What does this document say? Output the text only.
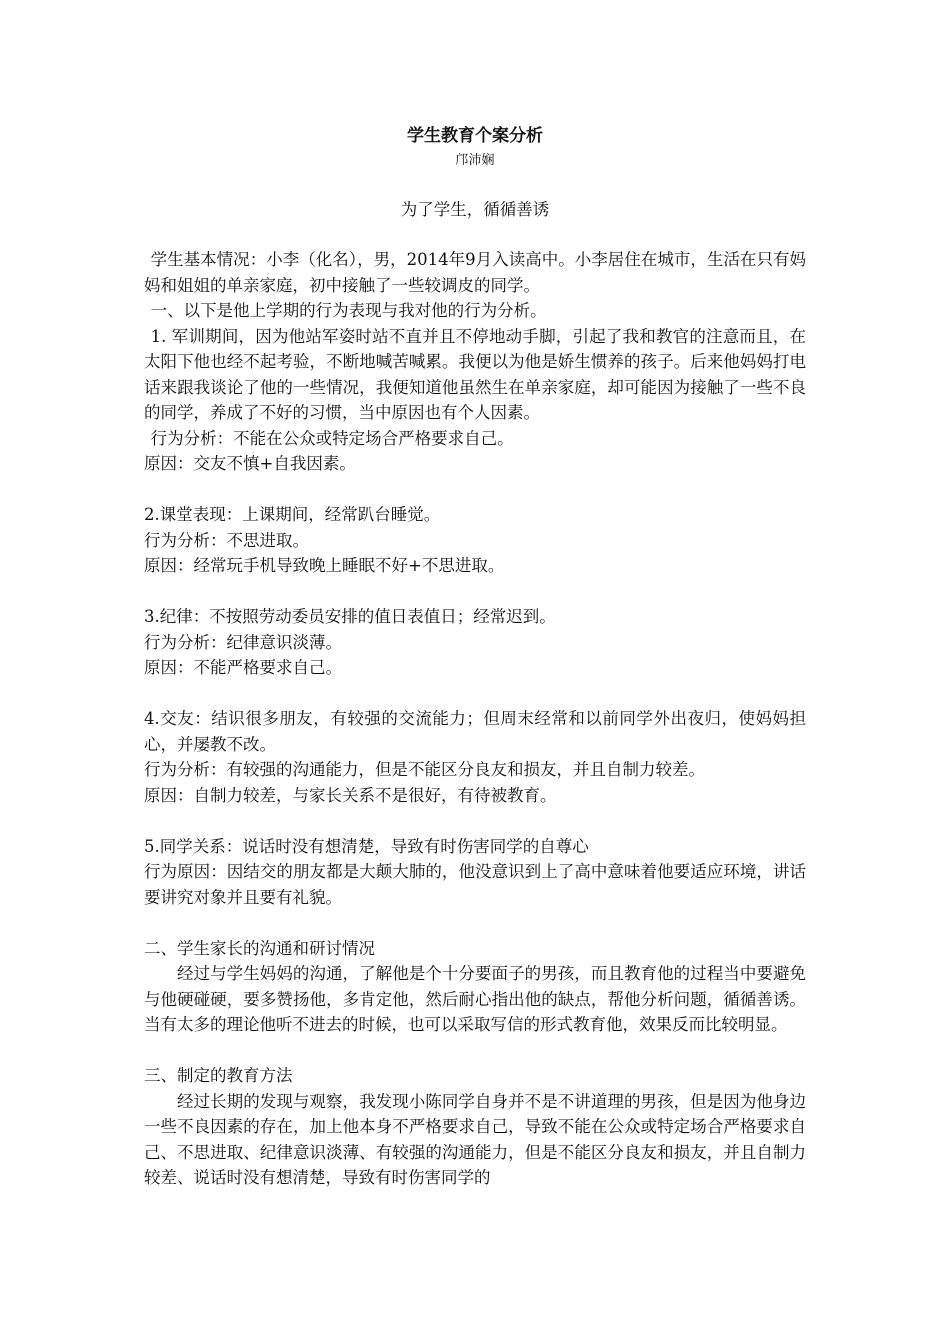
学生教育个案分析
邝沛娴
为了学生，循循善诱

学生基本情况：小李（化名），男，2014年9月入读高中。小李居住在城市，生活在只有妈妈和姐姐的单亲家庭，初中接触了一些较调皮的同学。

一、以下是他上学期的行为表现与我对他的行为分析。

1. 军训期间，因为他站军姿时站不直并且不停地动手脚，引起了我和教官的注意而且，在太阳下他也经不起考验，不断地喊苦喊累。我便以为他是娇生惯养的孩子。后来他妈妈打电话来跟我谈论了他的一些情况，我便知道他虽然生在单亲家庭，却可能因为接触了一些不良的同学，养成了不好的习惯，当中原因也有个人因素。

行为分析：不能在公众或特定场合严格要求自己。

原因：交友不慎+自我因素。

2.课堂表现：上课期间，经常趴台睡觉。

行为分析：不思进取。

原因：经常玩手机导致晚上睡眠不好+不思进取。

3.纪律：不按照劳动委员安排的值日表值日；经常迟到。

行为分析：纪律意识淡薄。

原因：不能严格要求自己。

4.交友：结识很多朋友，有较强的交流能力；但周末经常和以前同学外出夜归，使妈妈担心，并屡教不改。

行为分析：有较强的沟通能力，但是不能区分良友和损友，并且自制力较差。

原因：自制力较差，与家长关系不是很好，有待被教育。

5.同学关系：说话时没有想清楚，导致有时伤害同学的自尊心

行为原因：因结交的朋友都是大颠大肺的，他没意识到上了高中意味着他要适应环境，讲话要讲究对象并且要有礼貌。

二、学生家长的沟通和研讨情况

经过与学生妈妈的沟通，了解他是个十分要面子的男孩，而且教育他的过程当中要避免与他硬碰硬，要多赞扬他，多肯定他，然后耐心指出他的缺点，帮他分析问题，循循善诱。当有太多的理论他听不进去的时候，也可以采取写信的形式教育他，效果反而比较明显。

三、制定的教育方法

经过长期的发现与观察，我发现小陈同学自身并不是不讲道理的男孩，但是因为他身边一些不良因素的存在，加上他本身不严格要求自己，导致不能在公众或特定场合严格要求自己、不思进取、纪律意识淡薄、有较强的沟通能力，但是不能区分良友和损友，并且自制力较差、说话时没有想清楚，导致有时伤害同学的
